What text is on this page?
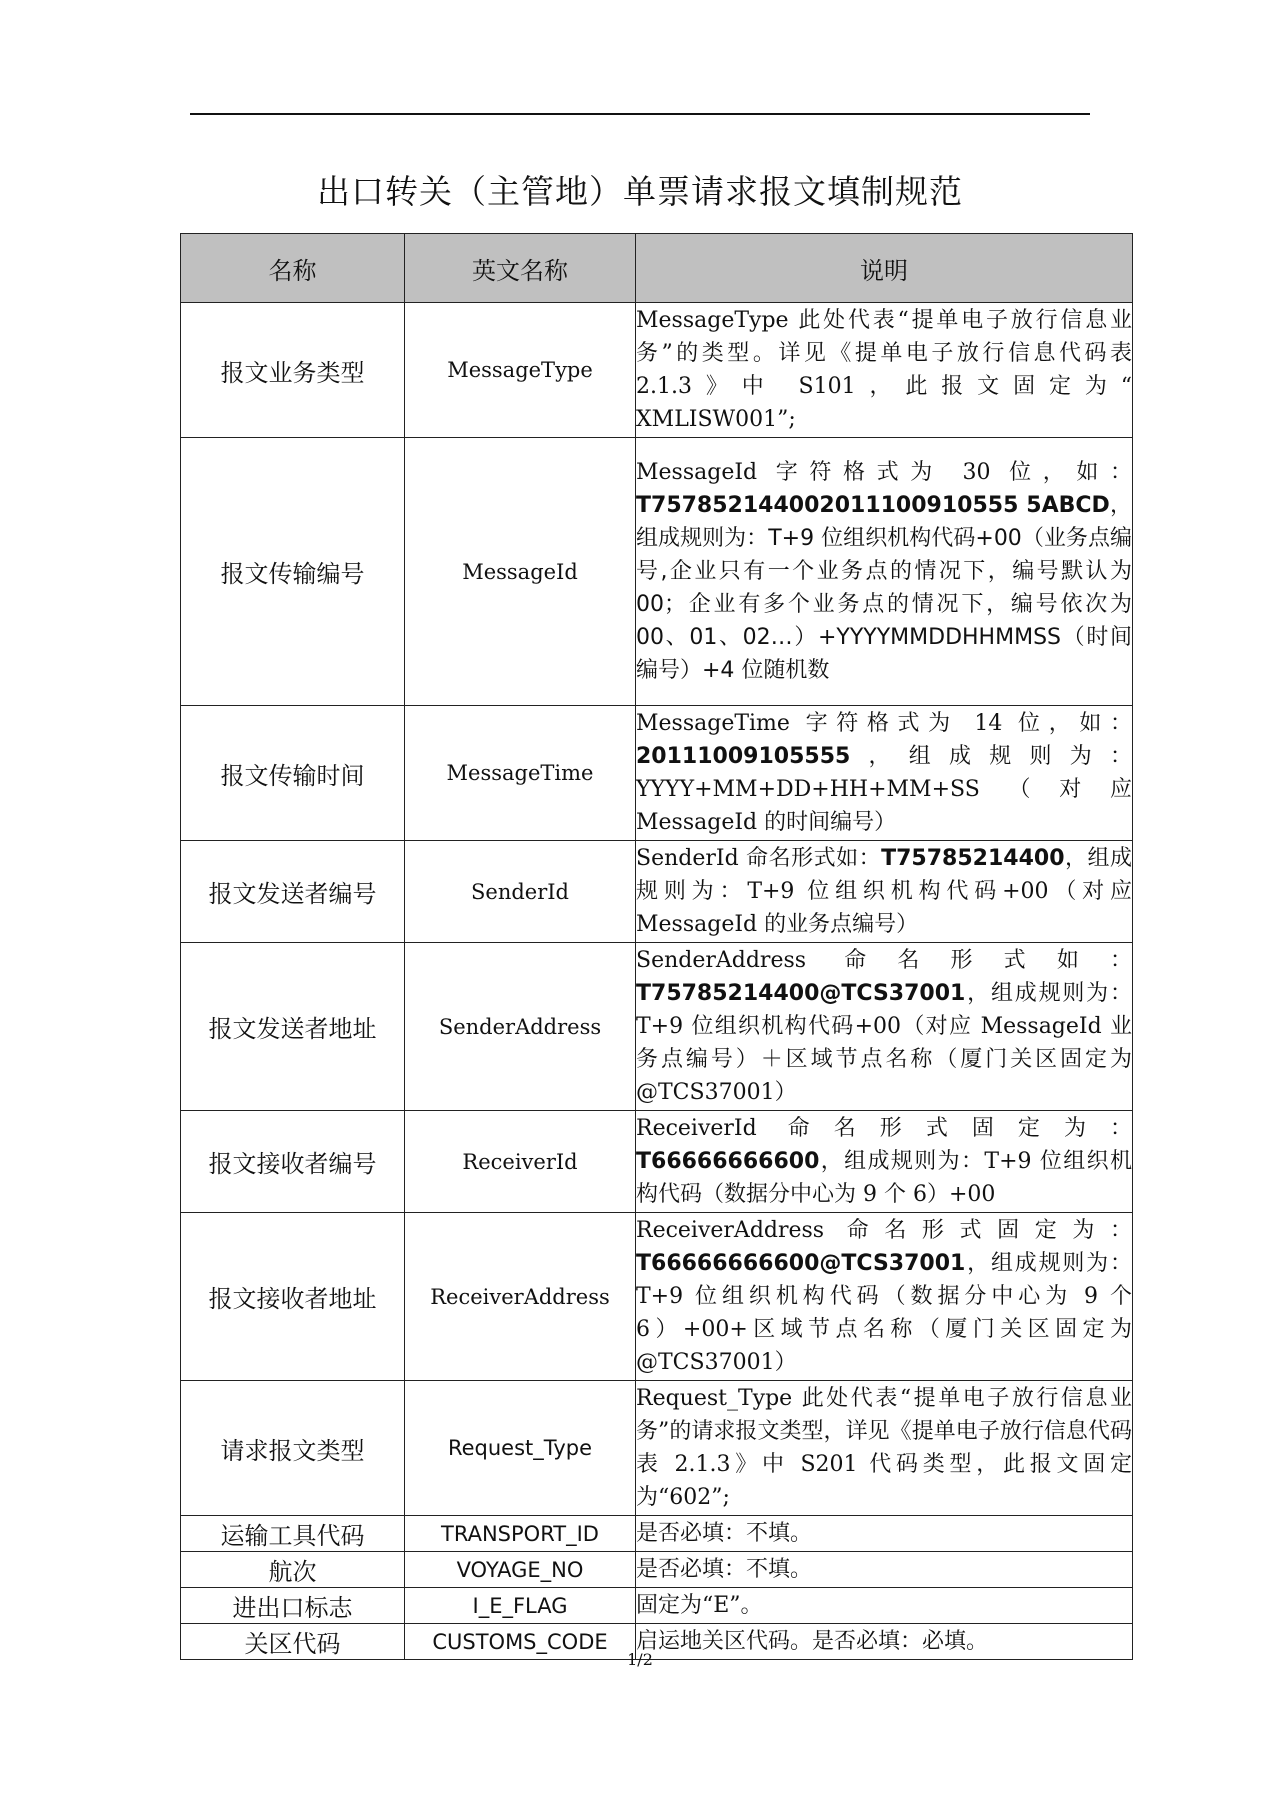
出口转关（主管地）单票请求报文填制规范
名称	英文名称	说明
报文业务类型	MessageType	MessageType 此处代表“提单电子放行信息业务”的类型。详见《提单电子放行信息代码表 2.1.3》中 S101，此报文固定为“ XMLISW001”;
报文传输编号	MessageId	MessageId 字符格式为 30 位，如：T757852144002011100910555 5ABCD，组成规则为：T+9 位组织机构代码+00（业务点编号,企业只有一个业务点的情况下，编号默认为00；企业有多个业务点的情况下，编号依次为 00、01、02…）+YYYYMMDDHHMMSS（时间编号）+4 位随机数
报文传输时间	MessageTime	MessageTime 字符格式为 14 位，如：20111009105555，组成规则为：YYYY+MM+DD+HH+MM+SS（对应 MessageId 的时间编号）
报文发送者编号	SenderId	SenderId 命名形式如：T75785214400，组成规则为：T+9 位组织机构代码+00（对应 MessageId 的业务点编号）
报文发送者地址	SenderAddress	SenderAddress 命名形式如：T75785214400@TCS37001，组成规则为：T+9 位组织机构代码+00（对应 MessageId 业务点编号）＋区域节点名称（厦门关区固定为@TCS37001）
报文接收者编号	ReceiverId	ReceiverId 命名形式固定为：T66666666600，组成规则为：T+9 位组织机构代码（数据分中心为 9 个 6）+00
报文接收者地址	ReceiverAddress	ReceiverAddress 命名形式固定为：T66666666600@TCS37001，组成规则为：T+9 位组织机构代码（数据分中心为 9 个 6）+00+区域节点名称（厦门关区固定为@TCS37001）
请求报文类型	Request_Type	Request_Type 此处代表“提单电子放行信息业务”的请求报文类型，详见《提单电子放行信息代码表 2.1.3》中 S201 代码类型，此报文固定为“602”;
运输工具代码	TRANSPORT_ID	是否必填：不填。
航次	VOYAGE_NO	是否必填：不填。
进出口标志	I_E_FLAG	固定为“E”。
关区代码	CUSTOMS_CODE	启运地关区代码。是否必填：必填。
1/2
